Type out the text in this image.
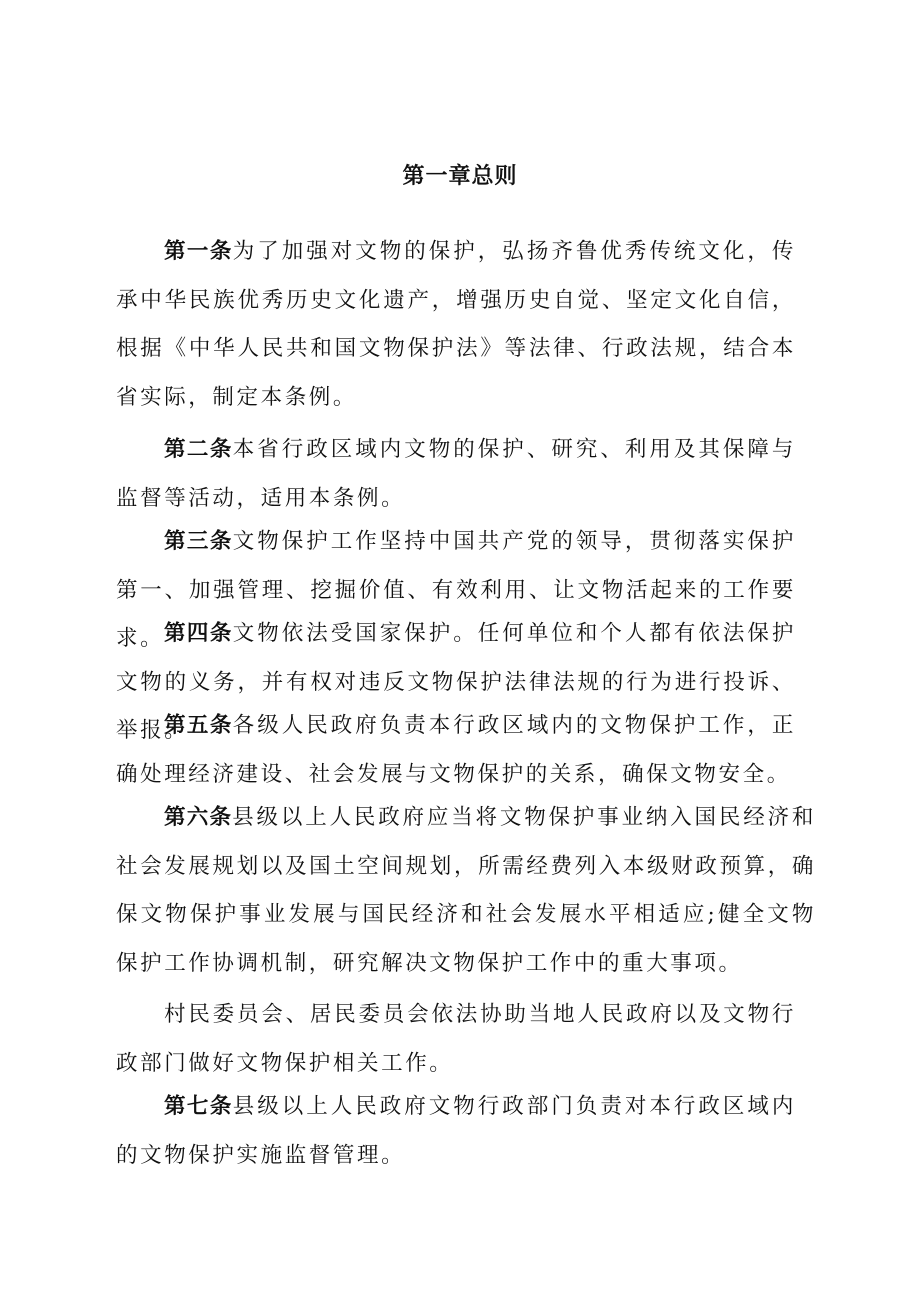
第一章总则

第一条为了加强对文物的保护，弘扬齐鲁优秀传统文化，传承中华民族优秀历史文化遗产，增强历史自觉、坚定文化自信，根据《中华人民共和国文物保护法》等法律、行政法规，结合本省实际，制定本条例。

第二条本省行政区域内文物的保护、研究、利用及其保障与监督等活动，适用本条例。

第三条文物保护工作坚持中国共产党的领导，贯彻落实保护第一、加强管理、挖掘价值、有效利用、让文物活起来的工作要求。 第四条文物依法受国家保护。任何单位和个人都有依法保护文物的义务，并有权对违反文物保护法律法规的行为进行投诉、举报。

第五条各级人民政府负责本行政区域内的文物保护工作，正确处理经济建设、社会发展与文物保护的关系，确保文物安全。

第六条县级以上人民政府应当将文物保护事业纳入国民经济和社会发展规划以及国土空间规划，所需经费列入本级财政预算，确保文物保护事业发展与国民经济和社会发展水平相适应;健全文物保护工作协调机制，研究解决文物保护工作中的重大事项。

村民委员会、居民委员会依法协助当地人民政府以及文物行政部门做好文物保护相关工作。

第七条县级以上人民政府文物行政部门负责对本行政区域内的文物保护实施监督管理。
